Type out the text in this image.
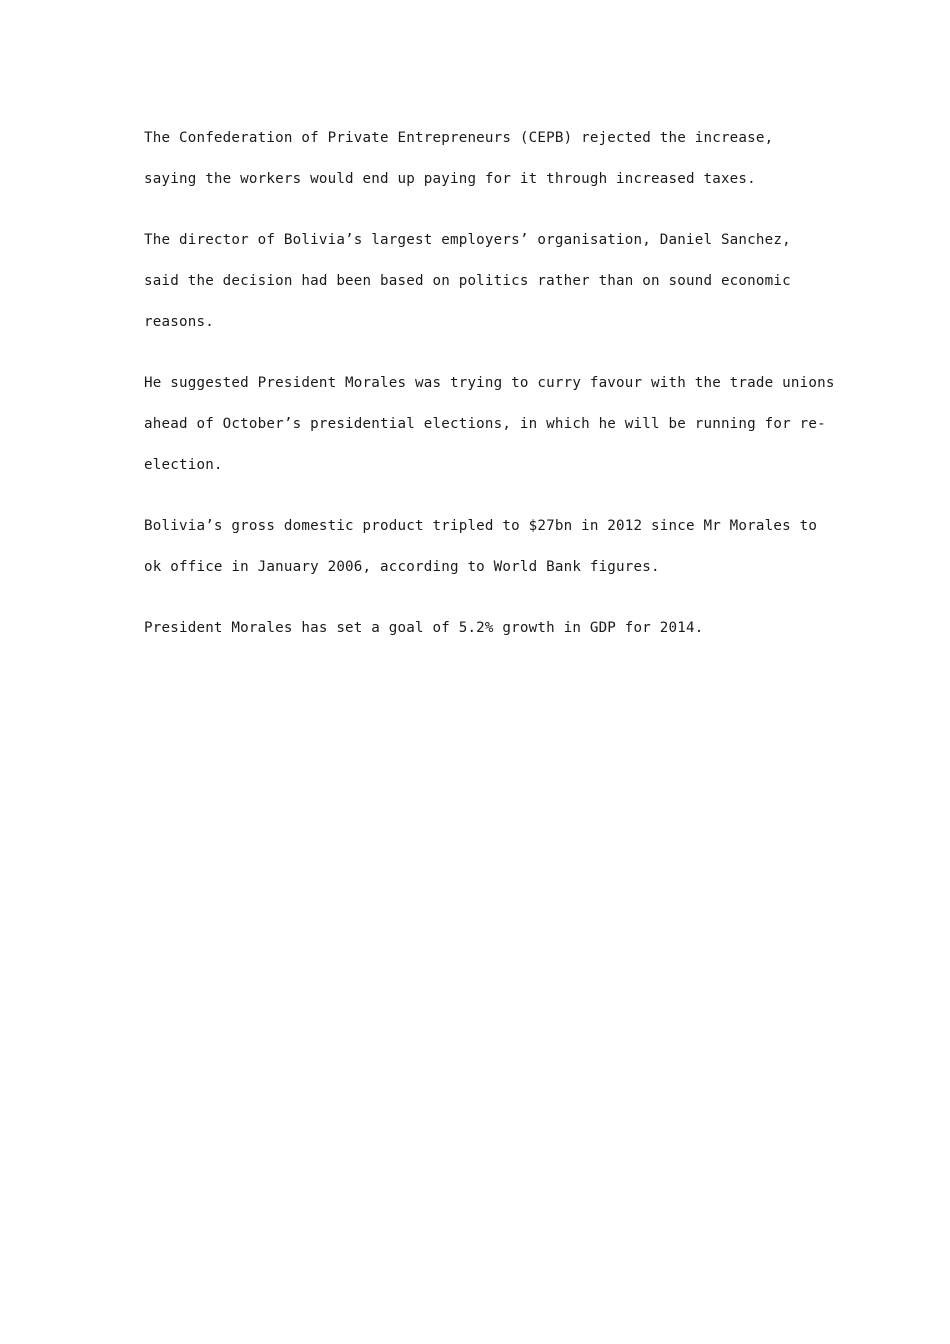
The Confederation of Private Entrepreneurs (CEPB) rejected the increase,
saying the workers would end up paying for it through increased taxes.
The director of Bolivia’s largest employers’ organisation, Daniel Sanchez,
said the decision had been based on politics rather than on sound economic
reasons.
He suggested President Morales was trying to curry favour with the trade unions
ahead of October’s presidential elections, in which he will be running for re-
election.
Bolivia’s gross domestic product tripled to $27bn in 2012 since Mr Morales to
ok office in January 2006, according to World Bank figures.
President Morales has set a goal of 5.2% growth in GDP for 2014.
